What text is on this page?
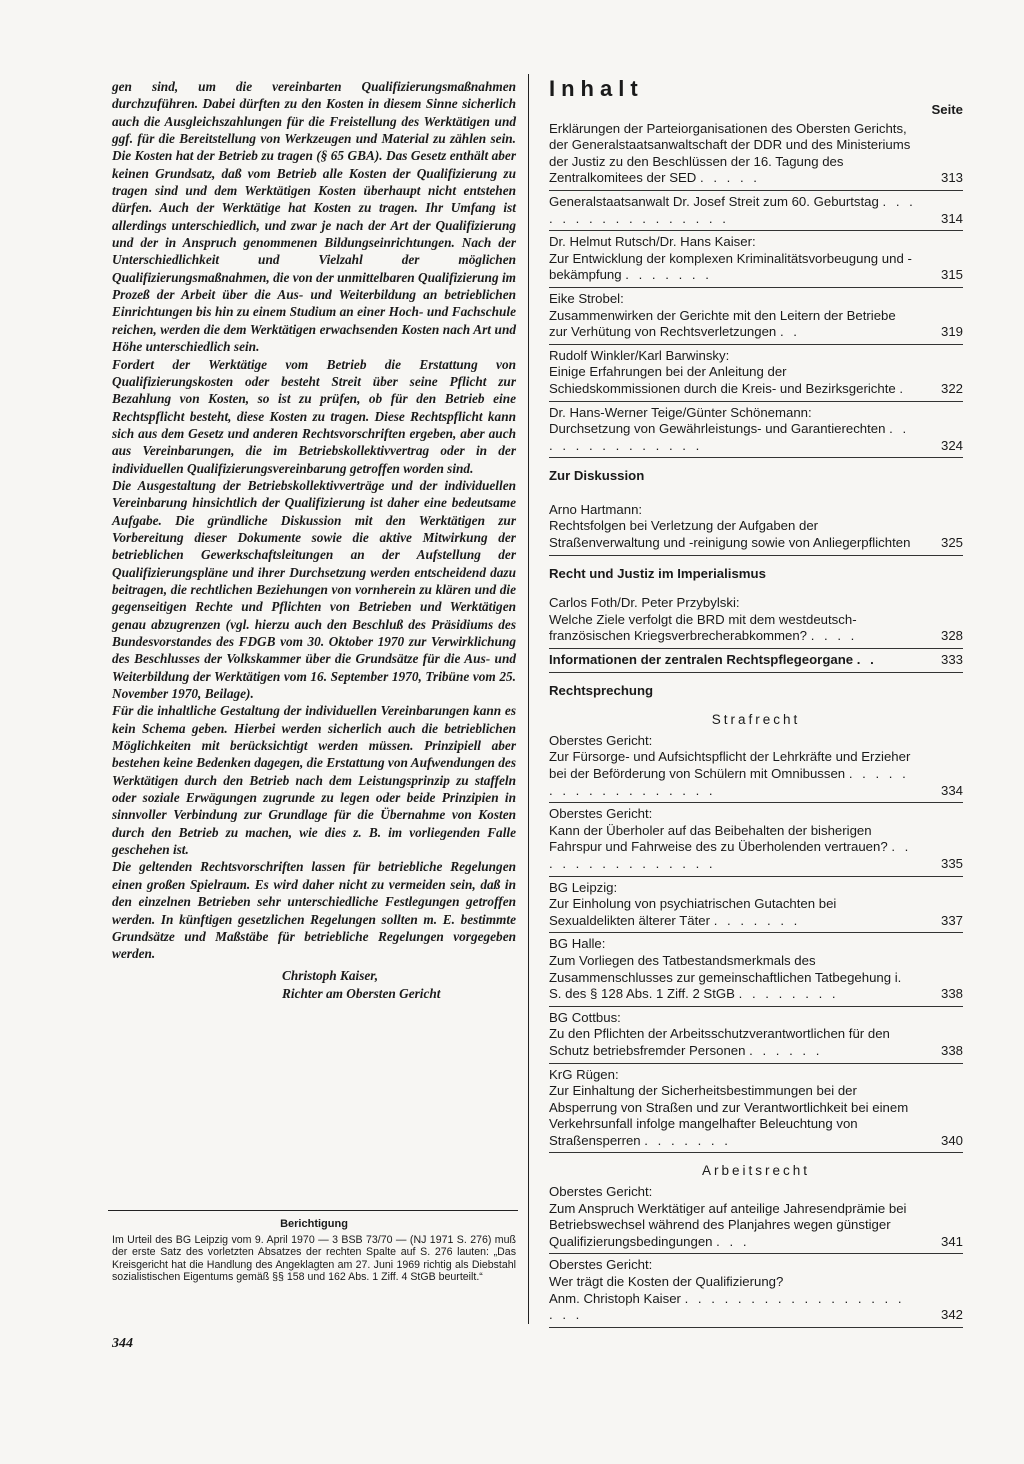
gen sind, um die vereinbarten Qualifizierungsmaßnahmen durchzuführen. Dabei dürften zu den Kosten in diesem Sinne sicherlich auch die Ausgleichszahlungen für die Freistellung des Werktätigen und ggf. für die Bereitstellung von Werkzeugen und Material zu zählen sein. Die Kosten hat der Betrieb zu tragen (§ 65 GBA). Das Gesetz enthält aber keinen Grundsatz, daß vom Betrieb alle Kosten der Qualifizierung zu tragen sind und dem Werktätigen Kosten überhaupt nicht entstehen dürfen. Auch der Werktätige hat Kosten zu tragen. Ihr Umfang ist allerdings unterschiedlich, und zwar je nach der Art der Qualifizierung und der in Anspruch genommenen Bildungseinrichtungen. Nach der Unterschiedlichkeit und Vielzahl der möglichen Qualifizierungsmaßnahmen, die von der unmittelbaren Qualifizierung im Prozeß der Arbeit über die Aus- und Weiterbildung an betrieblichen Einrichtungen bis hin zu einem Studium an einer Hoch- und Fachschule reichen, werden die dem Werktätigen erwachsenden Kosten nach Art und Höhe unterschiedlich sein.

Fordert der Werktätige vom Betrieb die Erstattung von Qualifizierungskosten oder besteht Streit über seine Pflicht zur Bezahlung von Kosten, so ist zu prüfen, ob für den Betrieb eine Rechtspflicht besteht, diese Kosten zu tragen. Diese Rechtspflicht kann sich aus dem Gesetz und anderen Rechtsvorschriften ergeben, aber auch aus Vereinbarungen, die im Betriebskollektivvertrag oder in der individuellen Qualifizierungsvereinbarung getroffen worden sind.

Die Ausgestaltung der Betriebskollektivverträge und der individuellen Vereinbarung hinsichtlich der Qualifizierung ist daher eine bedeutsame Aufgabe. Die gründliche Diskussion mit den Werktätigen zur Vorbereitung dieser Dokumente sowie die aktive Mitwirkung der betrieblichen Gewerkschaftsleitungen an der Aufstellung der Qualifizierungspläne und ihrer Durchsetzung werden entscheidend dazu beitragen, die rechtlichen Beziehungen von vornherein zu klären und die gegenseitigen Rechte und Pflichten von Betrieben und Werktätigen genau abzugrenzen (vgl. hierzu auch den Beschluß des Präsidiums des Bundesvorstandes des FDGB vom 30. Oktober 1970 zur Verwirklichung des Beschlusses der Volkskammer über die Grundsätze für die Aus- und Weiterbildung der Werktätigen vom 16. September 1970, Tribüne vom 25. November 1970, Beilage).

Für die inhaltliche Gestaltung der individuellen Vereinbarungen kann es kein Schema geben. Hierbei werden sicherlich auch die betrieblichen Möglichkeiten mit berücksichtigt werden müssen. Prinzipiell aber bestehen keine Bedenken dagegen, die Erstattung von Aufwendungen des Werktätigen durch den Betrieb nach dem Leistungsprinzip zu staffeln oder soziale Erwägungen zugrunde zu legen oder beide Prinzipien in sinnvoller Verbindung zur Grundlage für die Übernahme von Kosten durch den Betrieb zu machen, wie dies z. B. im vorliegenden Falle geschehen ist.

Die geltenden Rechtsvorschriften lassen für betriebliche Regelungen einen großen Spielraum. Es wird daher nicht zu vermeiden sein, daß in den einzelnen Betrieben sehr unterschiedliche Festlegungen getroffen werden. In künftigen gesetzlichen Regelungen sollten m. E. bestimmte Grundsätze und Maßstäbe für betriebliche Regelungen vorgegeben werden.

Christoph Kaiser,
Richter am Obersten Gericht
Berichtigung

Im Urteil des BG Leipzig vom 9. April 1970 — 3 BSB 73/70 — (NJ 1971 S. 276) muß der erste Satz des vorletzten Absatzes der rechten Spalte auf S. 276 lauten: „Das Kreisgericht hat die Handlung des Angeklagten am 27. Juni 1969 richtig als Diebstahl sozialistischen Eigentums gemäß §§ 158 und 162 Abs. 1 Ziff. 4 StGB beurteilt.“

344
Inhalt
Seite
Erklärungen der Parteiorganisationen des Obersten Gerichts, der Generalstaatsanwaltschaft der DDR und des Ministeriums der Justiz zu den Beschlüssen der 16. Tagung des Zentralkomitees der SED . . . . .	313
Generalstaatsanwalt Dr. Josef Streit zum 60. Geburtstag . . . . . . . . . . . . . . . . .	314
Dr. Helmut Rutsch/Dr. Hans Kaiser:
Zur Entwicklung der komplexen Kriminalitätsvorbeugung und -bekämpfung . . . . . . .	315
Eike Strobel:
Zusammenwirken der Gerichte mit den Leitern der Betriebe zur Verhütung von Rechtsverletzungen . .	319
Rudolf Winkler/Karl Barwinsky:
Einige Erfahrungen bei der Anleitung der Schiedskommissionen durch die Kreis- und Bezirksgerichte .	322
Dr. Hans-Werner Teige/Günter Schönemann:
Durchsetzung von Gewährleistungs- und Garantierechten . . . . . . . . . . . . . .	324
Zur Diskussion
Arno Hartmann:
Rechtsfolgen bei Verletzung der Aufgaben der Straßenverwaltung und -reinigung sowie von Anliegerpflichten	325
Recht und Justiz im Imperialismus
Carlos Foth/Dr. Peter Przybylski:
Welche Ziele verfolgt die BRD mit dem westdeutsch-französischen Kriegsverbrecherabkommen? . . . .	328
Informationen der zentralen Rechtspflegeorgane . .	333
Rechtsprechung
Strafrecht
Oberstes Gericht:
Zur Fürsorge- und Aufsichtspflicht der Lehrkräfte und Erzieher bei der Beförderung von Schülern mit Omnibussen . . . . . . . . . . . . . . . . . .	334
Oberstes Gericht:
Kann der Überholer auf das Beibehalten der bisherigen Fahrspur und Fahrweise des zu Überholenden vertrauen? . . . . . . . . . . . . . . .	335
BG Leipzig:
Zur Einholung von psychiatrischen Gutachten bei Sexualdelikten älterer Täter . . . . . . .	337
BG Halle:
Zum Vorliegen des Tatbestandsmerkmals des Zusammenschlusses zur gemeinschaftlichen Tatbegehung i. S. des § 128 Abs. 1 Ziff. 2 StGB . . . . . . . .	338
BG Cottbus:
Zu den Pflichten der Arbeitsschutzverantwortlichen für den Schutz betriebsfremder Personen . . . . . .	338
KrG Rügen:
Zur Einhaltung der Sicherheitsbestimmungen bei der Absperrung von Straßen und zur Verantwortlichkeit bei einem Verkehrsunfall infolge mangelhafter Beleuchtung von Straßensperren . . . . . . .	340
Arbeitsrecht
Oberstes Gericht:
Zum Anspruch Werktätiger auf anteilige Jahresendprämie bei Betriebswechsel während des Planjahres wegen günstiger Qualifizierungsbedingungen . . .	341
Oberstes Gericht:
Wer trägt die Kosten der Qualifizierung?
Anm. Christoph Kaiser . . . . . . . . . . . . . . . . . . . .	342
